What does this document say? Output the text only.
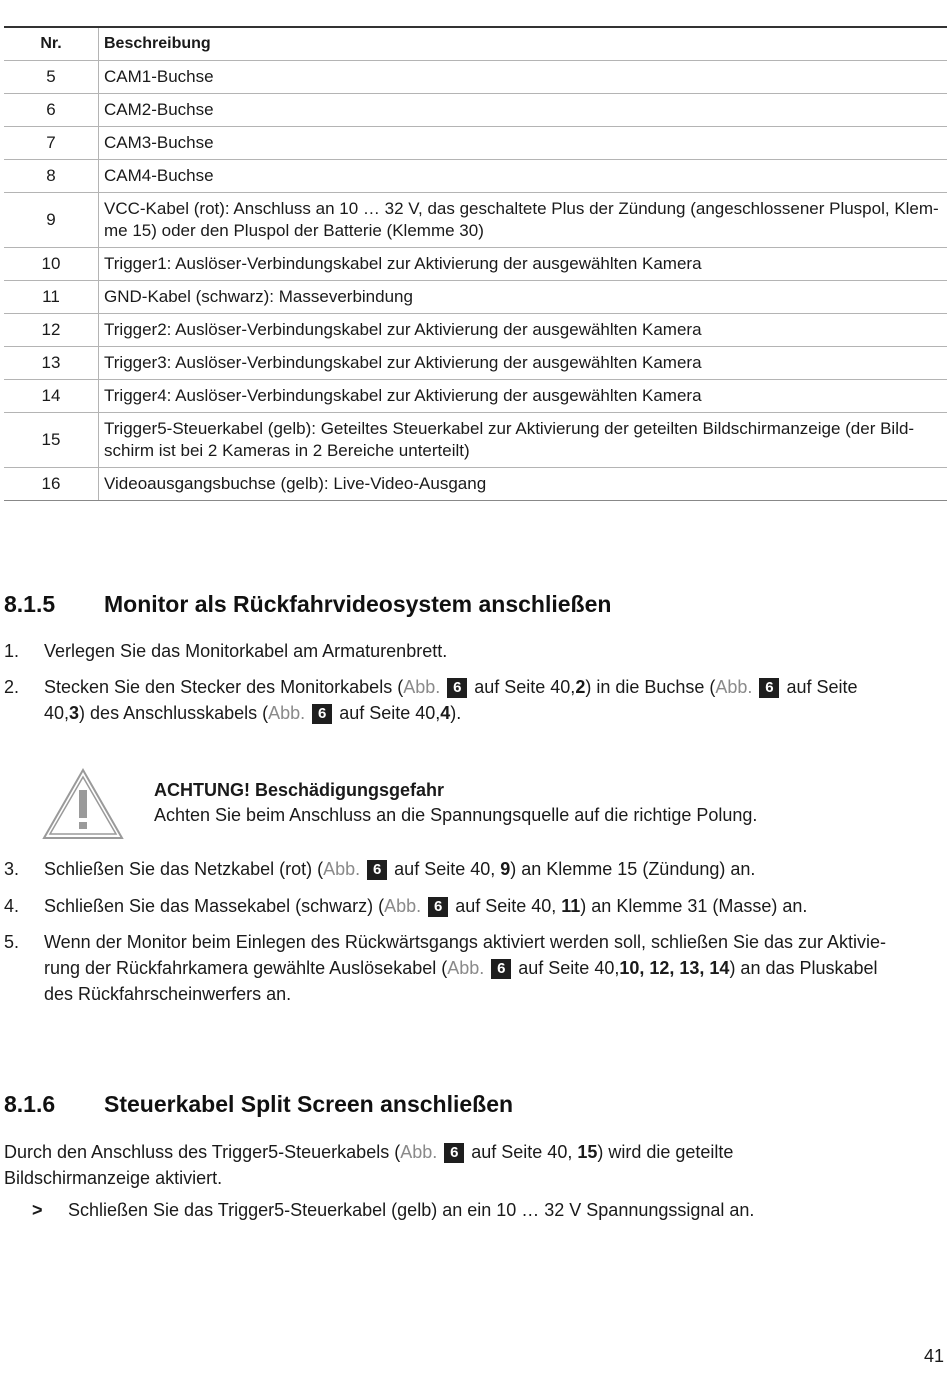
Nr.	Beschreibung
5	CAM1-Buchse
6	CAM2-Buchse
7	CAM3-Buchse
8	CAM4-Buchse
9	VCC-Kabel (rot): Anschluss an 10 … 32 V, das geschaltete Plus der Zündung (angeschlossener Pluspol, Klem-
me 15) oder den Pluspol der Batterie (Klemme 30)
10	Trigger1: Auslöser-Verbindungskabel zur Aktivierung der ausgewählten Kamera
11	GND-Kabel (schwarz): Masseverbindung
12	Trigger2: Auslöser-Verbindungskabel zur Aktivierung der ausgewählten Kamera
13	Trigger3: Auslöser-Verbindungskabel zur Aktivierung der ausgewählten Kamera
14	Trigger4: Auslöser-Verbindungskabel zur Aktivierung der ausgewählten Kamera
15	Trigger5-Steuerkabel (gelb): Geteiltes Steuerkabel zur Aktivierung der geteilten Bildschirmanzeige (der Bild-
schirm ist bei 2 Kameras in 2 Bereiche unterteilt)
16	Videoausgangsbuchse (gelb): Live-Video-Ausgang
8.1.5 Monitor als Rückfahrvideosystem anschließen
1. Verlegen Sie das Monitorkabel am Armaturenbrett.
2. Stecken Sie den Stecker des Monitorkabels (Abb. 6 auf Seite 40,2) in die Buchse (Abb. 6 auf Seite
40,3) des Anschlusskabels (Abb. 6 auf Seite 40,4).
ACHTUNG! Beschädigungsgefahr
Achten Sie beim Anschluss an die Spannungsquelle auf die richtige Polung.
3. Schließen Sie das Netzkabel (rot) (Abb. 6 auf Seite 40, 9) an Klemme 15 (Zündung) an.
4. Schließen Sie das Massekabel (schwarz) (Abb. 6 auf Seite 40, 11) an Klemme 31 (Masse) an.
5. Wenn der Monitor beim Einlegen des Rückwärtsgangs aktiviert werden soll, schließen Sie das zur Aktivie-
rung der Rückfahrkamera gewählte Auslösekabel (Abb. 6 auf Seite 40,10, 12, 13, 14) an das Pluskabel
des Rückfahrscheinwerfers an.
8.1.6 Steuerkabel Split Screen anschließen
Durch den Anschluss des Trigger5-Steuerkabels (Abb. 6 auf Seite 40, 15) wird die geteilte
Bildschirmanzeige aktiviert.
> Schließen Sie das Trigger5-Steuerkabel (gelb) an ein 10 … 32 V Spannungssignal an.
41
